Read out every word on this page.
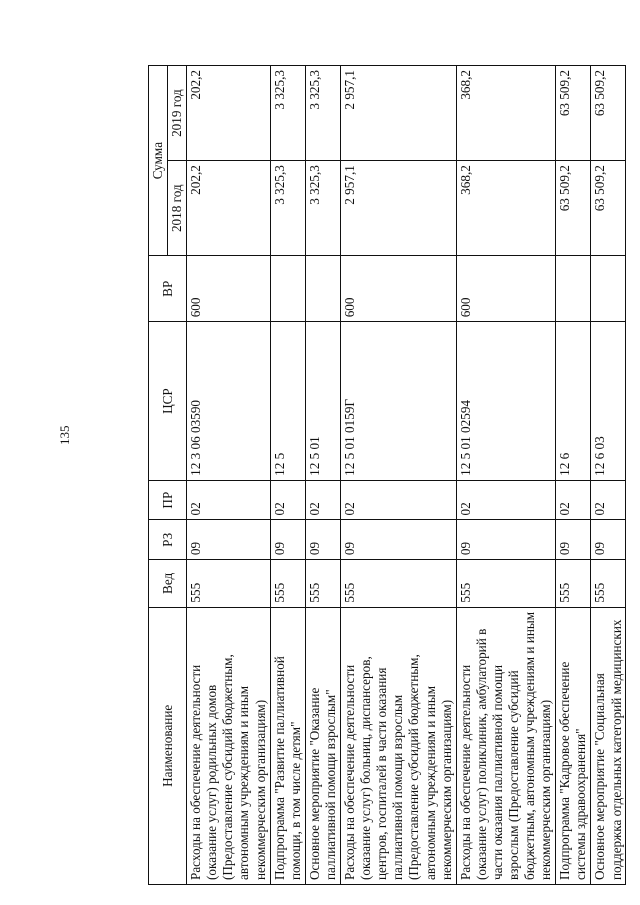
135
Наименование	Вед	РЗ	ПР	ЦСР	ВР	Сумма	
						2018 год	2019 год
Расходы на обеспечение деятельности (оказание услуг) родильных домов (Предоставление субсидий бюджетным, автономным учреждениям и иным некоммерческим организациям)	555	09	02	12 3 06 03590	600	202,2	202,2
Подпрограмма "Развитие паллиативной помощи, в том числе детям"	555	09	02	12 5		3 325,3	3 325,3
Основное мероприятие "Оказание паллиативной помощи взрослым"	555	09	02	12 5 01		3 325,3	3 325,3
Расходы на обеспечение деятельности (оказание услуг) больниц, диспансеров, центров, госпиталей в части оказания паллиативной помощи взрослым (Предоставление субсидий бюджетным, автономным учреждениям и иным некоммерческим организациям)	555	09	02	12 5 01 0159Г	600	2 957,1	2 957,1
Расходы на обеспечение деятельности (оказание услуг) поликлиник, амбулаторий в части оказания паллиативной помощи взрослым (Предоставление субсидий бюджетным, автономным учреждениям и иным некоммерческим организациям)	555	09	02	12 5 01 02594	600	368,2	368,2
Подпрограмма "Кадровое обеспечение системы здравоохранения"	555	09	02	12 6		63 509,2	63 509,2
Основное мероприятие "Социальная поддержка отдельных категорий медицинских	555	09	02	12 6 03		63 509,2	63 509,2
